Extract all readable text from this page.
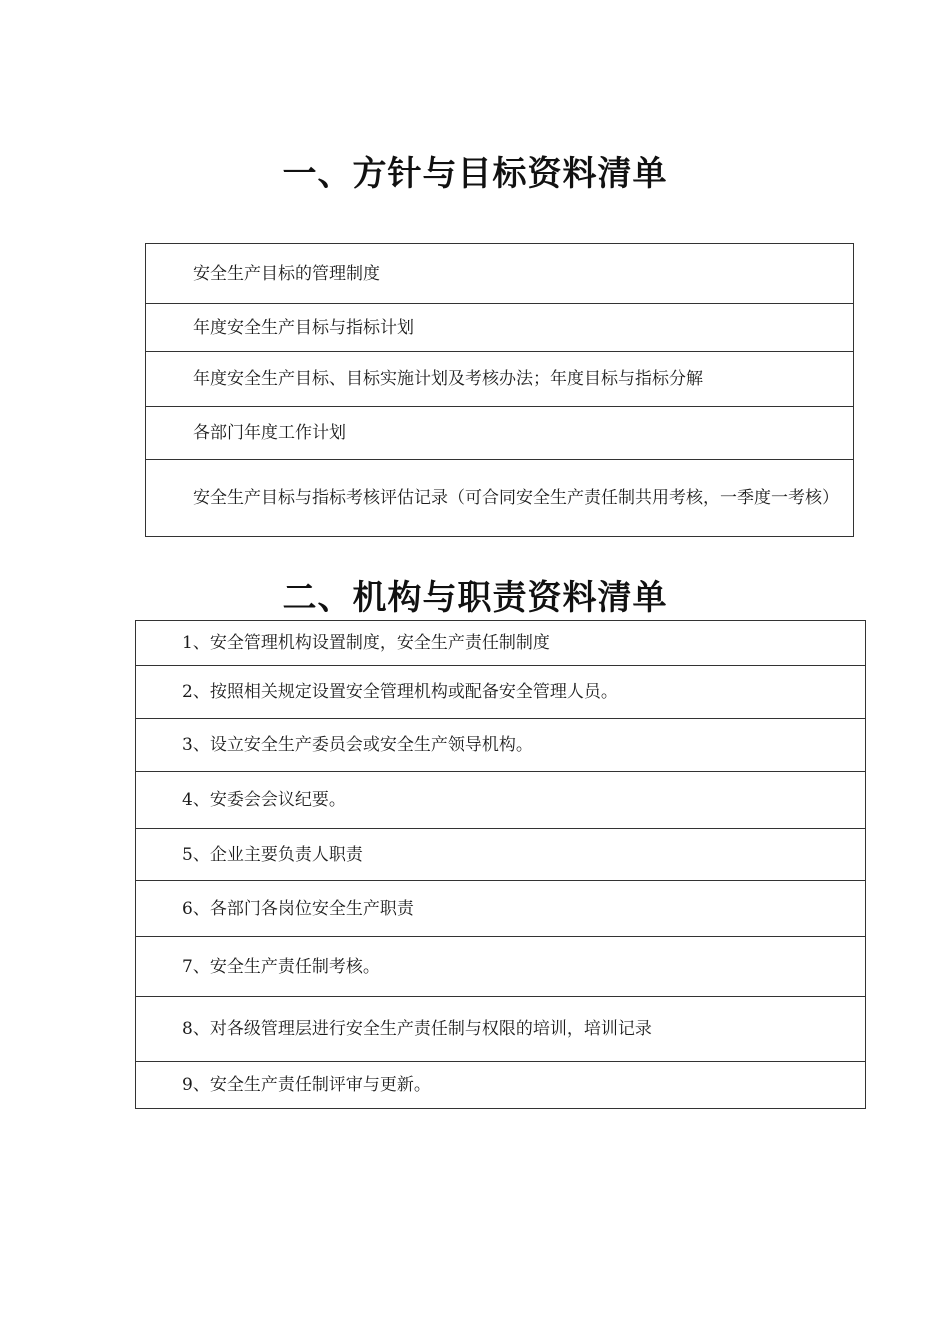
一、方针与目标资料清单
安全生产目标的管理制度
年度安全生产目标与指标计划
年度安全生产目标、目标实施计划及考核办法；年度目标与指标分解
各部门年度工作计划
安全生产目标与指标考核评估记录（可合同安全生产责任制共用考核，一季度一考核）
二、机构与职责资料清单
1、安全管理机构设置制度，安全生产责任制制度
2、按照相关规定设置安全管理机构或配备安全管理人员。
3、设立安全生产委员会或安全生产领导机构。
4、安委会会议纪要。
5、企业主要负责人职责
6、各部门各岗位安全生产职责
7、安全生产责任制考核。
8、对各级管理层进行安全生产责任制与权限的培训，培训记录
9、安全生产责任制评审与更新。
